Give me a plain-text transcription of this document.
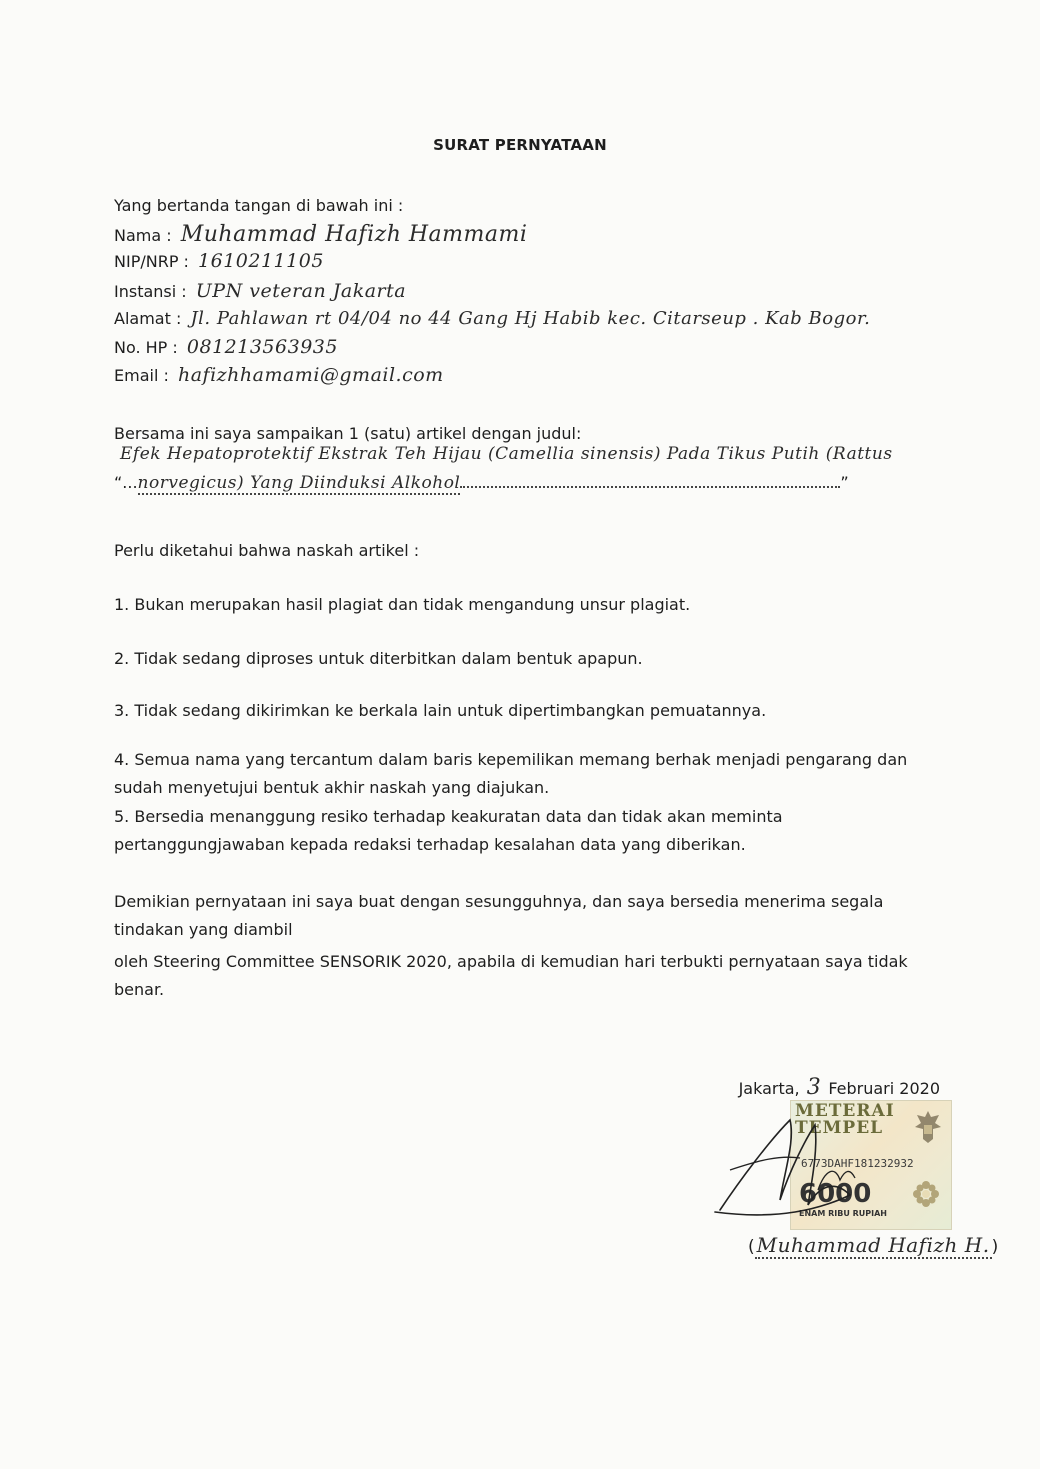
SURAT PERNYATAAN
Yang bertanda tangan di bawah ini :
Nama : Muhammad Hafizh Hammami
NIP/NRP : 1610211105
Instansi : UPN veteran Jakarta
Alamat : Jl. Pahlawan rt 04/04 no 44 Gang Hj Habib kec. Citarseup . Kab Bogor.
No. HP : 081213563935
Email : hafizhhamami@gmail.com
Bersama ini saya sampaikan 1 (satu) artikel dengan judul:
Efek Hepatoprotektif Ekstrak Teh Hijau (Camellia sinensis) Pada Tikus Putih (Rattus
“...norvegicus) Yang Diinduksi Alkohol	”
Perlu diketahui bahwa naskah artikel :
1. Bukan merupakan hasil plagiat dan tidak mengandung unsur plagiat.
2. Tidak sedang diproses untuk diterbitkan dalam bentuk apapun.
3. Tidak sedang dikirimkan ke berkala lain untuk dipertimbangkan pemuatannya.
4. Semua nama yang tercantum dalam baris kepemilikan memang berhak menjadi pengarang dan sudah menyetujui bentuk akhir naskah yang diajukan.
5. Bersedia menanggung resiko terhadap keakuratan data dan tidak akan meminta pertanggungjawaban kepada redaksi terhadap kesalahan data yang diberikan.
Demikian pernyataan ini saya buat dengan sesungguhnya, dan saya bersedia menerima segala tindakan yang diambil
oleh Steering Committee SENSORIK 2020, apabila di kemudian hari terbukti pernyataan saya tidak benar.
Jakarta, 3 Februari 2020
METERAI
TEMPEL
6773DAHF181232932
6000
ENAM RIBU RUPIAH
( Muhammad Hafizh H. )
